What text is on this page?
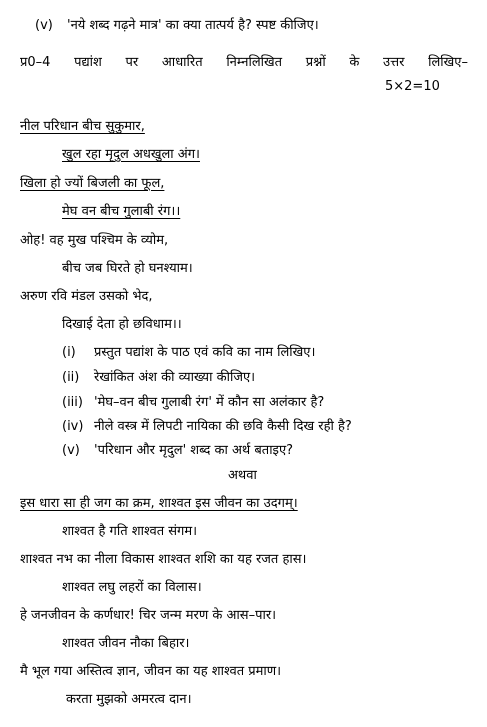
(v) 'नये शब्द गढ़ने मात्र' का क्या तात्पर्य है? स्पष्ट कीजिए।
प्र0–4 पद्यांश पर आधारित निम्नलिखित प्रश्नों के उत्तर लिखिए–
5×2=10
नील परिधान बीच सुकुमार,
खुल रहा मृदुल अधखुला अंग।
खिला हो ज्यों बिजली का फूल,
मेघ वन बीच गुलाबी रंग।।
ओह! वह मुख पश्चिम के व्योम,
बीच जब घिरते हो घनश्याम।
अरुण रवि मंडल उसको भेद,
दिखाई देता हो छविधाम।।
(i) प्रस्तुत पद्यांश के पाठ एवं कवि का नाम लिखिए।
(ii) रेखांकित अंश की व्याख्या कीजिए।
(iii) 'मेघ–वन बीच गुलाबी रंग' में कौन सा अलंकार है?
(iv) नीले वस्त्र में लिपटी नायिका की छवि कैसी दिख रही है?
(v) 'परिधान और मृदुल' शब्द का अर्थ बताइए?
अथवा
इस धारा सा ही जग का क्रम, शाश्वत इस जीवन का उदगम्।
शाश्वत है गति शाश्वत संगम।
शाश्वत नभ का नीला विकास शाश्वत शशि का यह रजत हास।
शाश्वत लघु लहरों का विलास।
हे जनजीवन के कर्णधार! चिर जन्म मरण के आस–पार।
शाश्वत जीवन नौका बिहार।
मै भूल गया अस्तित्व ज्ञान, जीवन का यह शाश्वत प्रमाण।
करता मुझको अमरत्व दान।
